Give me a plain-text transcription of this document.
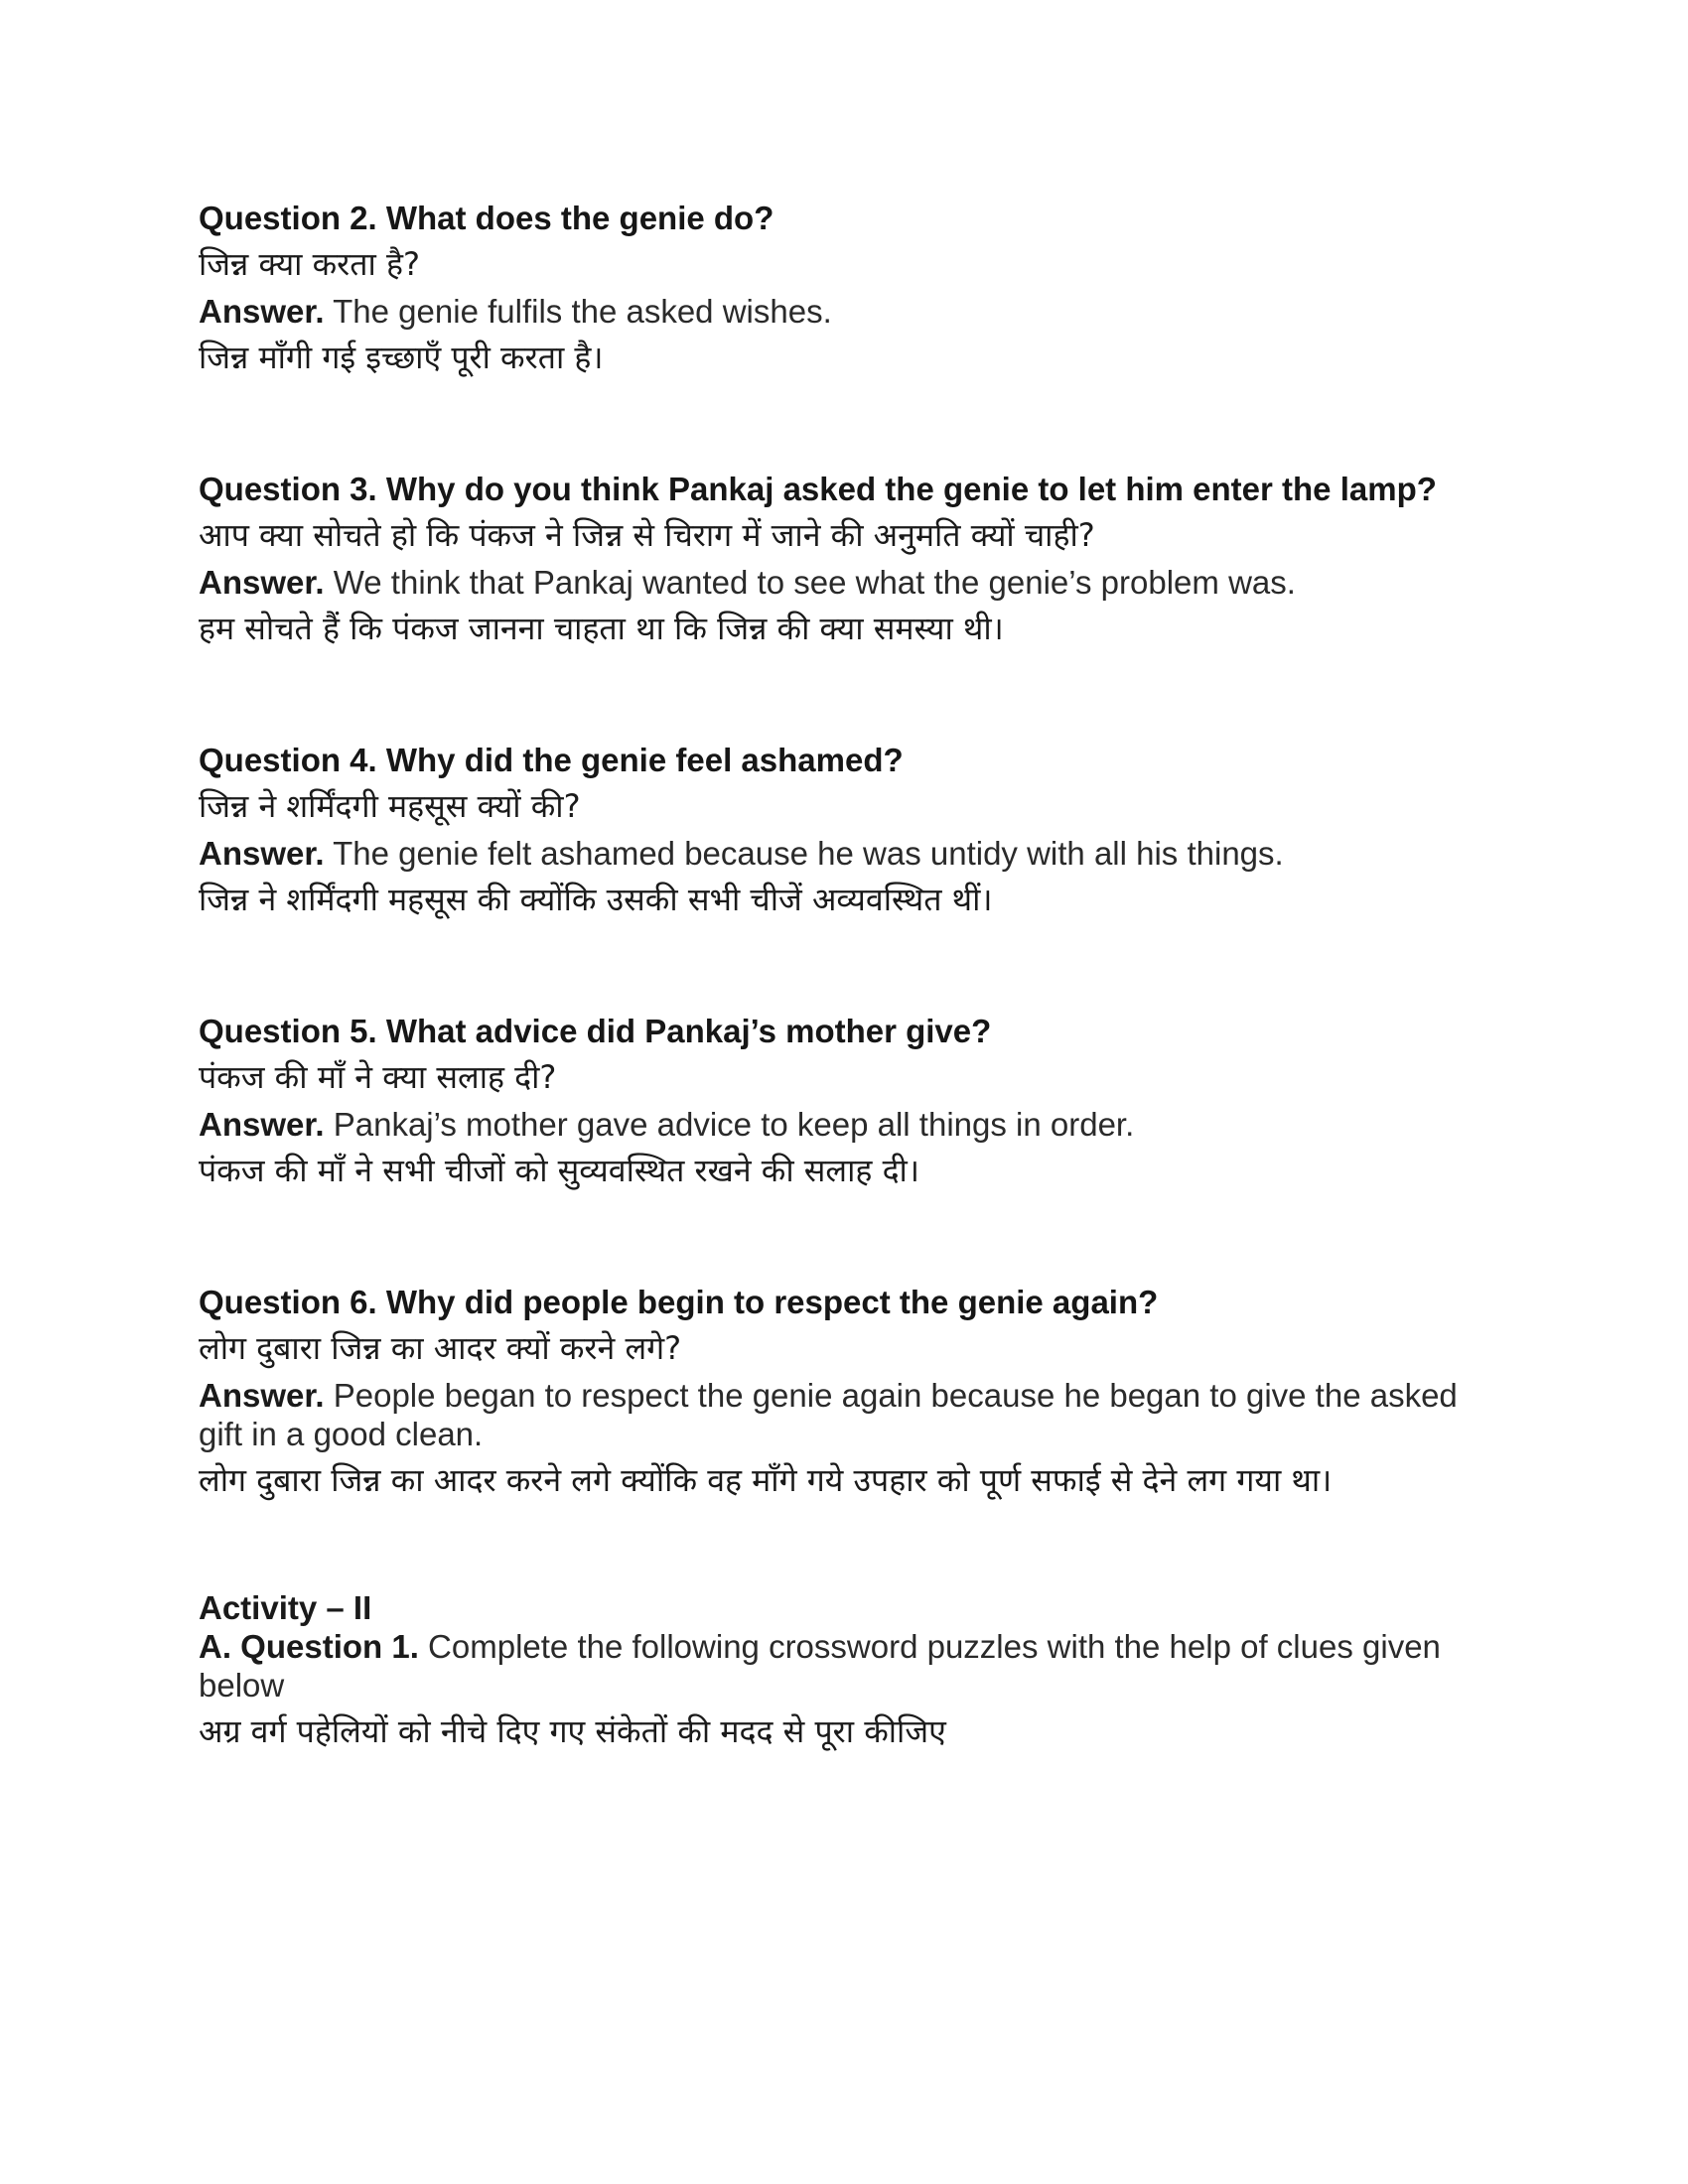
Question 2. What does the genie do?

जिन्न क्या करता है?

Answer. The genie fulfils the asked wishes.

जिन्न माँगी गई इच्छाएँ पूरी करता है।

Question 3. Why do you think Pankaj asked the genie to let him enter the lamp?

आप क्या सोचते हो कि पंकज ने जिन्न से चिराग में जाने की अनुमति क्यों चाही?

Answer. We think that Pankaj wanted to see what the genie’s problem was.

हम सोचते हैं कि पंकज जानना चाहता था कि जिन्न की क्या समस्या थी।

Question 4. Why did the genie feel ashamed?

जिन्न ने शर्मिंदगी महसूस क्यों की?

Answer. The genie felt ashamed because he was untidy with all his things.

जिन्न ने शर्मिंदगी महसूस की क्योंकि उसकी सभी चीजें अव्यवस्थित थीं।

Question 5. What advice did Pankaj’s mother give?

पंकज की माँ ने क्या सलाह दी?

Answer. Pankaj’s mother gave advice to keep all things in order.

पंकज की माँ ने सभी चीजों को सुव्यवस्थित रखने की सलाह दी।

Question 6. Why did people begin to respect the genie again?

लोग दुबारा जिन्न का आदर क्यों करने लगे?

Answer. People began to respect the genie again because he began to give the asked gift in a good clean.

लोग दुबारा जिन्न का आदर करने लगे क्योंकि वह माँगे गये उपहार को पूर्ण सफाई से देने लग गया था।

Activity – II

A. Question 1. Complete the following crossword puzzles with the help of clues given below

अग्र वर्ग पहेलियों को नीचे दिए गए संकेतों की मदद से पूरा कीजिए
